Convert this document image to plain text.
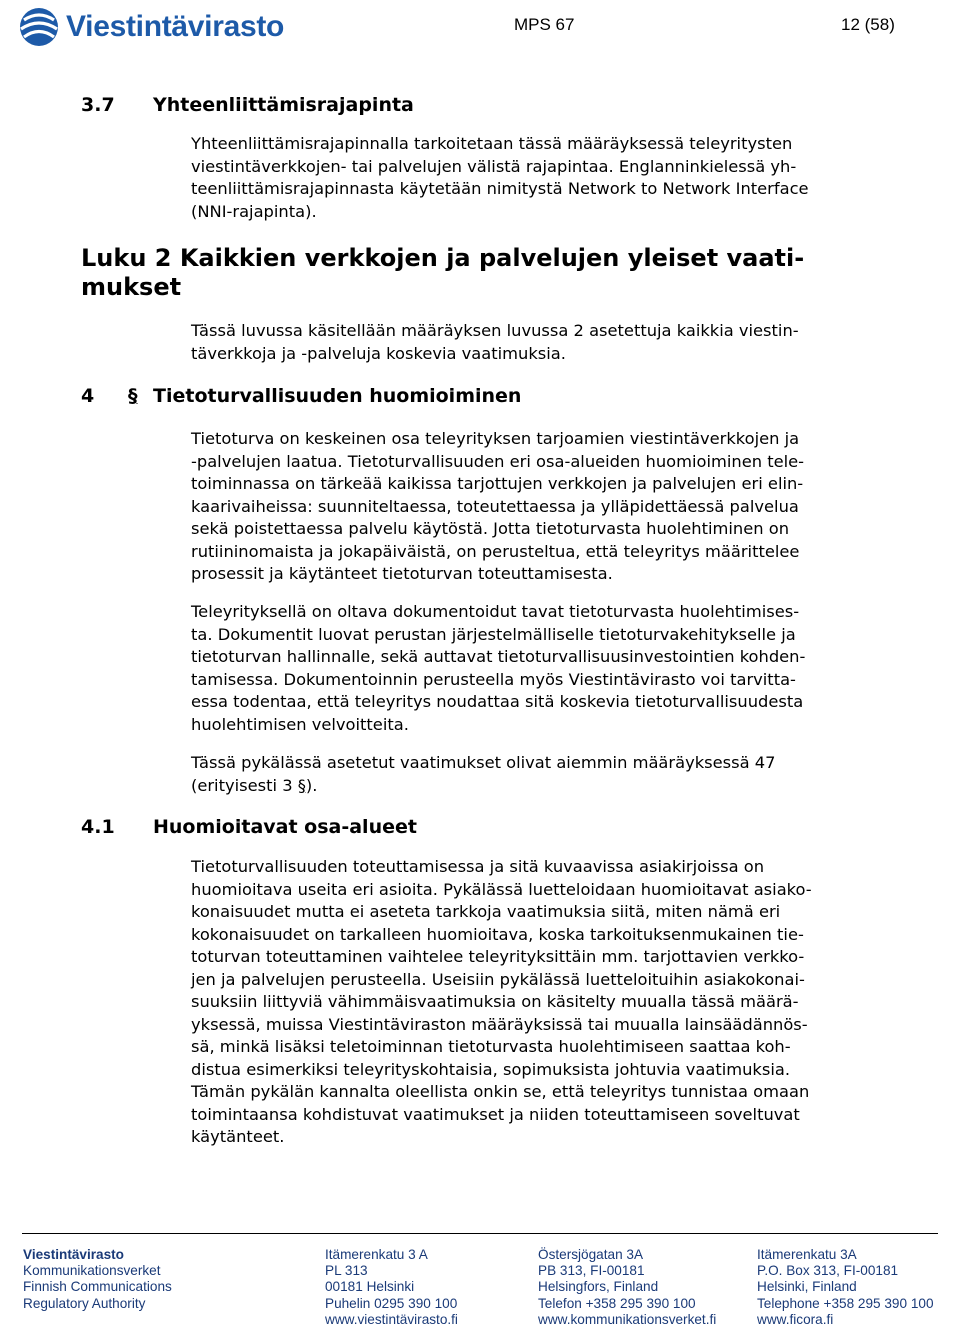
Viestintävirasto	MPS 67	12 (58)
3.7 Yhteenliittämisrajapinta
Yhteenliittämisrajapinnalla tarkoitetaan tässä määräyksessä teleyritysten
viestintäverkkojen- tai palvelujen välistä rajapintaa. Englanninkielessä yh-
teenliittämisrajapinnasta käytetään nimitystä Network to Network Interface
(NNI-rajapinta).
Luku 2 Kaikkien verkkojen ja palvelujen yleiset vaati-
mukset
Tässä luvussa käsitellään määräyksen luvussa 2 asetettuja kaikkia viestin-
täverkkoja ja -palveluja koskevia vaatimuksia.
4 § Tietoturvallisuuden huomioiminen
Tietoturva on keskeinen osa teleyrityksen tarjoamien viestintäverkkojen ja
-palvelujen laatua. Tietoturvallisuuden eri osa-alueiden huomioiminen tele-
toiminnassa on tärkeää kaikissa tarjottujen verkkojen ja palvelujen eri elin-
kaarivaiheissa: suunniteltaessa, toteutettaessa ja ylläpidettäessä palvelua
sekä poistettaessa palvelu käytöstä. Jotta tietoturvasta huolehtiminen on
rutiininomaista ja jokapäiväistä, on perusteltua, että teleyritys määrittelee
prosessit ja käytänteet tietoturvan toteuttamisesta.
Teleyrityksellä on oltava dokumentoidut tavat tietoturvasta huolehtimises-
ta. Dokumentit luovat perustan järjestelmälliselle tietoturvakehitykselle ja
tietoturvan hallinnalle, sekä auttavat tietoturvallisuusinvestointien kohden-
tamisessa. Dokumentoinnin perusteella myös Viestintävirasto voi tarvitta-
essa todentaa, että teleyritys noudattaa sitä koskevia tietoturvallisuudesta
huolehtimisen velvoitteita.
Tässä pykälässä asetetut vaatimukset olivat aiemmin määräyksessä 47
(erityisesti 3 §).
4.1 Huomioitavat osa-alueet
Tietoturvallisuuden toteuttamisessa ja sitä kuvaavissa asiakirjoissa on
huomioitava useita eri asioita. Pykälässä luetteloidaan huomioitavat asiako-
konaisuudet mutta ei aseteta tarkkoja vaatimuksia siitä, miten nämä eri
kokonaisuudet on tarkalleen huomioitava, koska tarkoituksenmukainen tie-
toturvan toteuttaminen vaihtelee teleyrityksittäin mm. tarjottavien verkko-
jen ja palvelujen perusteella. Useisiin pykälässä luetteloituihin asiakokonai-
suuksiin liittyviä vähimmäisvaatimuksia on käsitelty muualla tässä määrä-
yksessä, muissa Viestintäviraston määräyksissä tai muualla lainsäädännös-
sä, minkä lisäksi teletoiminnan tietoturvasta huolehtimiseen saattaa koh-
distua esimerkiksi teleyrityskohtaisia, sopimuksista johtuvia vaatimuksia.
Tämän pykälän kannalta oleellista onkin se, että teleyritys tunnistaa omaan
toimintaansa kohdistuvat vaatimukset ja niiden toteuttamiseen soveltuvat
käytänteet.
Viestintävirasto
Kommunikationsverket
Finnish Communications
Regulatory Authority
Itämerenkatu 3 A
PL 313
00181 Helsinki
Puhelin 0295 390 100
www.viestintävirasto.fi
Östersjögatan 3A
PB 313, FI-00181
Helsingfors, Finland
Telefon +358 295 390 100
www.kommunikationsverket.fi
Itämerenkatu 3A
P.O. Box 313, FI-00181
Helsinki, Finland
Telephone +358 295 390 100
www.ficora.fi
